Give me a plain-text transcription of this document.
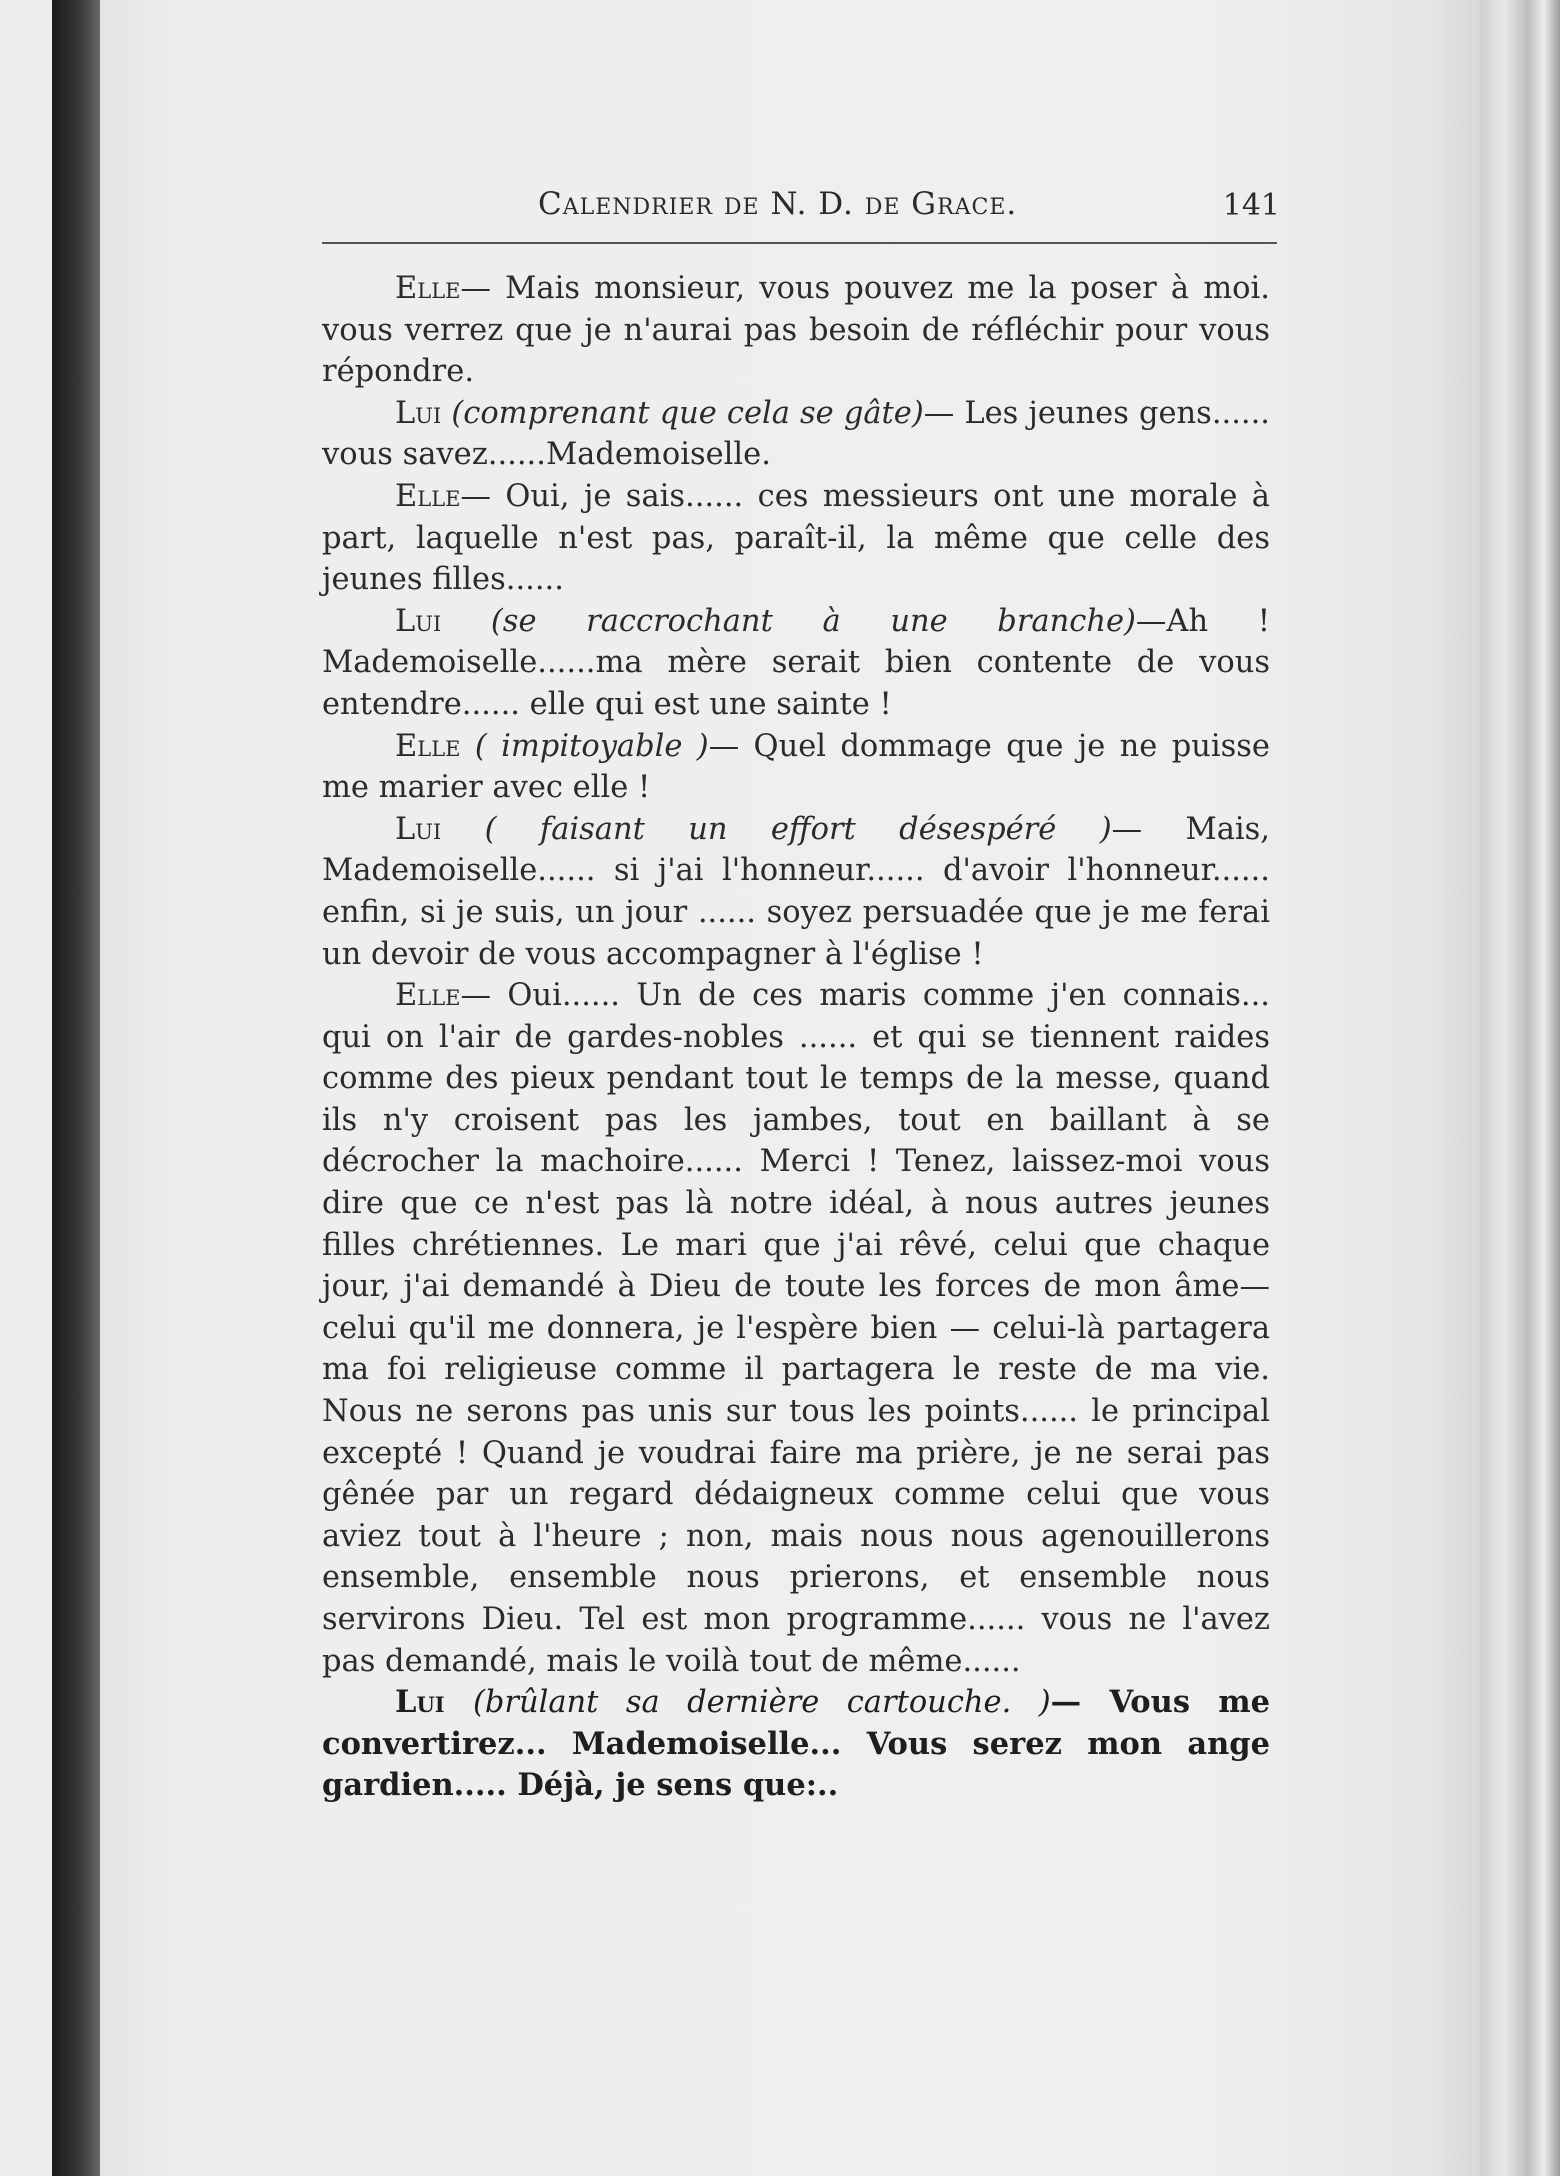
Calendrier de N. D. de Grace.	141

Elle— Mais monsieur, vous pouvez me la poser à moi. vous verrez que je n'aurai pas besoin de réfléchir pour vous répondre.

Lui (comprenant que cela se gâte)— Les jeunes gens...... vous savez......Mademoiselle.

Elle— Oui, je sais...... ces messieurs ont une morale à part, laquelle n'est pas, paraît-il, la même que celle des jeunes filles......

Lui (se raccrochant à une branche)—Ah ! Mademoiselle......ma mère serait bien contente de vous entendre...... elle qui est une sainte !

Elle ( impitoyable )— Quel dommage que je ne puisse me marier avec elle !

Lui ( faisant un effort désespéré )— Mais, Mademoiselle...... si j'ai l'honneur...... d'avoir l'honneur...... enfin, si je suis, un jour ...... soyez persuadée que je me ferai un devoir de vous accompagner à l'église !

Elle— Oui...... Un de ces maris comme j'en connais... qui on l'air de gardes-nobles ...... et qui se tiennent raides comme des pieux pendant tout le temps de la messe, quand ils n'y croisent pas les jambes, tout en baillant à se décrocher la machoire...... Merci ! Tenez, laissez-moi vous dire que ce n'est pas là notre idéal, à nous autres jeunes filles chrétiennes. Le mari que j'ai rêvé, celui que chaque jour, j'ai demandé à Dieu de toute les forces de mon âme— celui qu'il me donnera, je l'espère bien — celui-là partagera ma foi religieuse comme il partagera le reste de ma vie. Nous ne serons pas unis sur tous les points...... le principal excepté ! Quand je voudrai faire ma prière, je ne serai pas gênée par un regard dédaigneux comme celui que vous aviez tout à l'heure ; non, mais nous nous agenouillerons ensemble, ensemble nous prierons, et ensemble nous servirons Dieu. Tel est mon programme...... vous ne l'avez pas demandé, mais le voilà tout de même......

Lui (brûlant sa dernière cartouche. )— Vous me convertirez... Mademoiselle... Vous serez mon ange gardien..... Déjà, je sens que:..
